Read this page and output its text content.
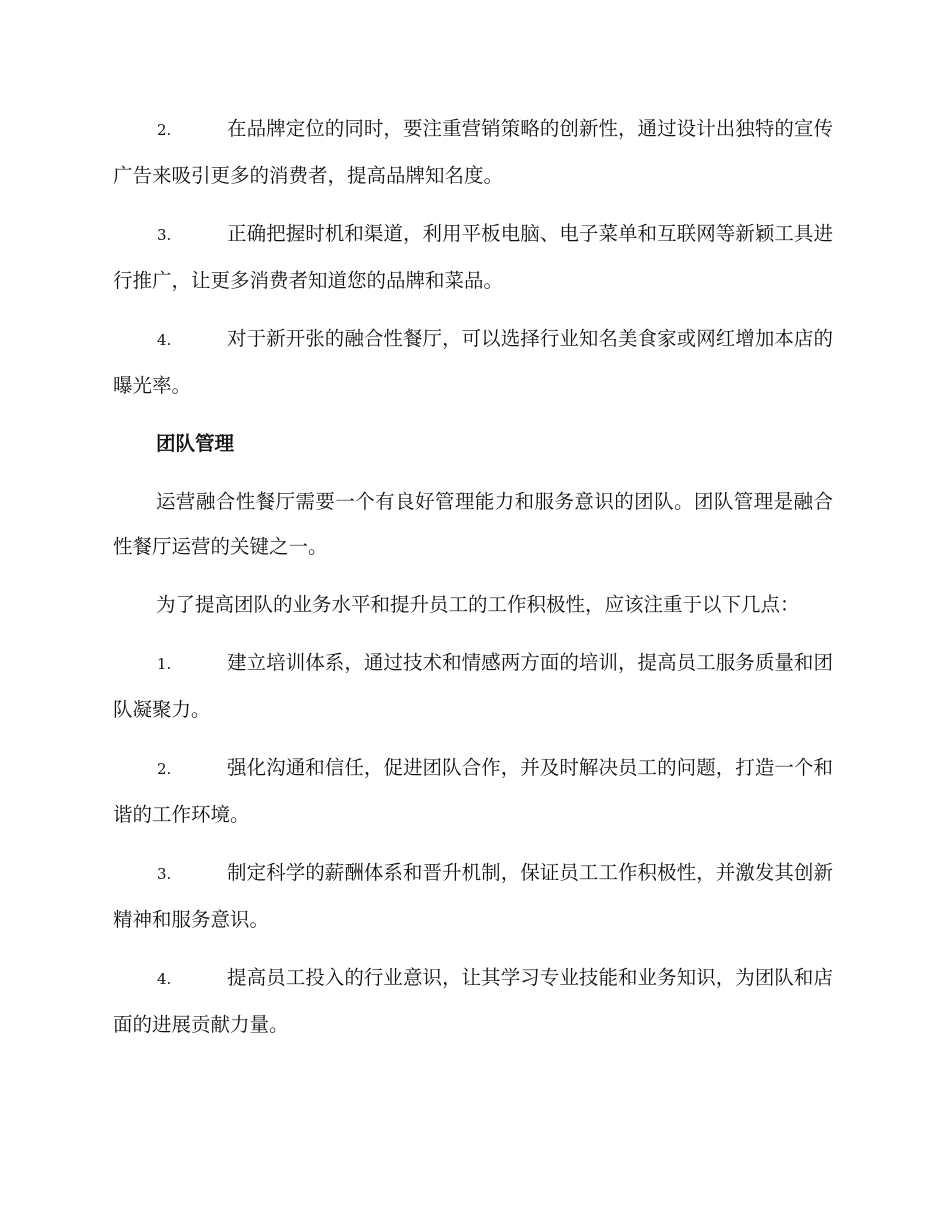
2.	在品牌定位的同时，要注重营销策略的创新性，通过设计出独特的宣传广告来吸引更多的消费者，提高品牌知名度。
3.	正确把握时机和渠道，利用平板电脑、电子菜单和互联网等新颖工具进行推广，让更多消费者知道您的品牌和菜品。
4.	对于新开张的融合性餐厅，可以选择行业知名美食家或网红增加本店的曝光率。
团队管理
运营融合性餐厅需要一个有良好管理能力和服务意识的团队。团队管理是融合性餐厅运营的关键之一。
为了提高团队的业务水平和提升员工的工作积极性，应该注重于以下几点：
1.	建立培训体系，通过技术和情感两方面的培训，提高员工服务质量和团队凝聚力。
2.	强化沟通和信任，促进团队合作，并及时解决员工的问题，打造一个和谐的工作环境。
3.	制定科学的薪酬体系和晋升机制，保证员工工作积极性，并激发其创新精神和服务意识。
4.	提高员工投入的行业意识，让其学习专业技能和业务知识，为团队和店面的进展贡献力量。
